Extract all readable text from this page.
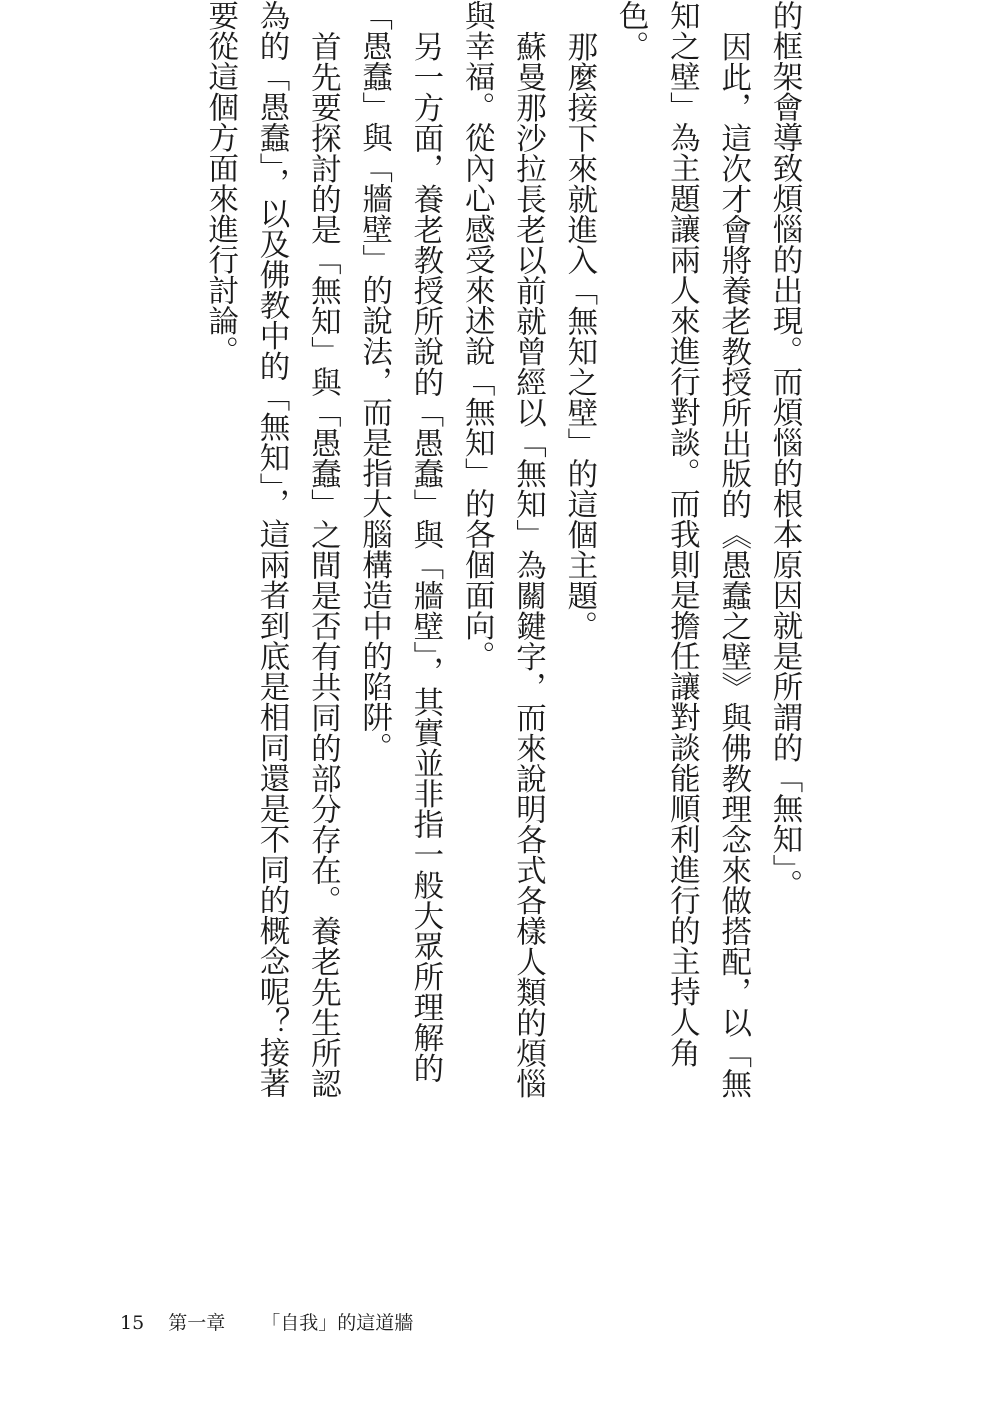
的框架會導致煩惱的出現。而煩惱的根本原因就是所謂的「無知」。

因此，這次才會將養老教授所出版的《愚蠢之壁》與佛教理念來做搭配，以「無知之壁」為主題讓兩人來進行對談。而我則是擔任讓對談能順利進行的主持人角色。

那麼接下來就進入「無知之壁」的這個主題。

蘇曼那沙拉長老以前就曾經以「無知」為關鍵字，而來說明各式各樣人類的煩惱與幸福。從內心感受來述說「無知」的各個面向。

另一方面，養老教授所說的「愚蠢」與「牆壁」，其實並非指一般大眾所理解的「愚蠢」與「牆壁」的說法，而是指大腦構造中的陷阱。

首先要探討的是「無知」與「愚蠢」之間是否有共同的部分存在。養老先生所認為的「愚蠢」，以及佛教中的「無知」，這兩者到底是相同還是不同的概念呢？接著要從這個方面來進行討論。

15 第一章 「自我」的這道牆
